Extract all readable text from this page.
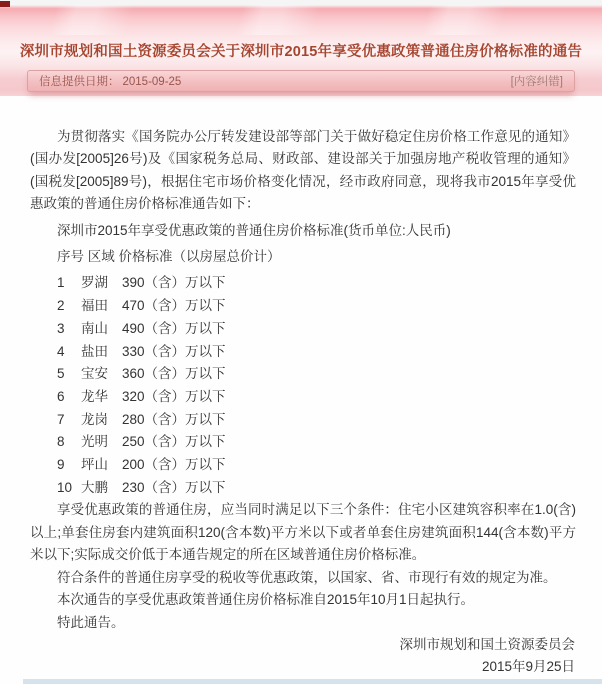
深圳市规划和国土资源委员会关于深圳市2015年享受优惠政策普通住房价格标准的通告
信息提供日期： 2015-09-25	[内容纠错]

为贯彻落实《国务院办公厅转发建设部等部门关于做好稳定住房价格工作意见的通知》(国办发[2005]26号)及《国家税务总局、财政部、建设部关于加强房地产税收管理的通知》(国税发[2005]89号)，根据住宅市场价格变化情况，经市政府同意，现将我市2015年享受优惠政策的普通住房价格标准通告如下：

深圳市2015年享受优惠政策的普通住房价格标准(货币单位:人民币)

序号 区域 价格标准（以房屋总价计）

1	罗湖	390（含）万以下
2	福田	470（含）万以下
3	南山	490（含）万以下
4	盐田	330（含）万以下
5	宝安	360（含）万以下
6	龙华	320（含）万以下
7	龙岗	280（含）万以下
8	光明	250（含）万以下
9	坪山	200（含）万以下
10 大鹏	230（含）万以下

享受优惠政策的普通住房，应当同时满足以下三个条件：住宅小区建筑容积率在1.0(含)以上;单套住房套内建筑面积120(含本数)平方米以下或者单套住房建筑面积144(含本数)平方米以下;实际成交价低于本通告规定的所在区域普通住房价格标准。

符合条件的普通住房享受的税收等优惠政策，以国家、省、市现行有效的规定为准。

本次通告的享受优惠政策普通住房价格标准自2015年10月1日起执行。

特此通告。

深圳市规划和国土资源委员会

2015年9月25日
